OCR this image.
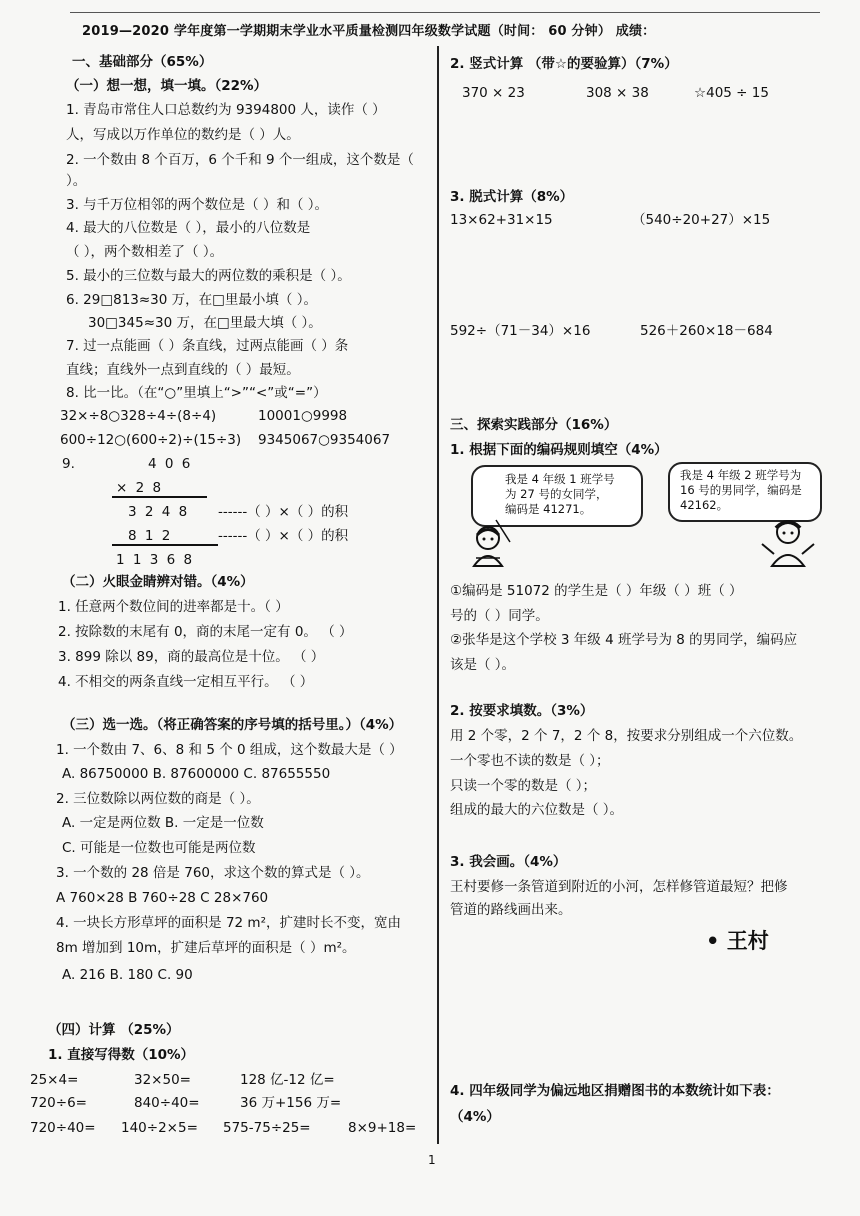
2019—2020 学年度第一学期期末学业水平质量检测四年级数学试题（时间： 60 分钟） 成绩：
一、基础部分（65%）
（一）想一想，填一填。（22%）
1. 青岛市常住人口总数约为 9394800 人，读作（ ）
人，写成以万作单位的数约是（ ）人。
2. 一个数由 8 个百万，6 个千和 9 个一组成，这个数是（
）。
3. 与千万位相邻的两个数位是（ ）和（ ）。
4. 最大的八位数是（ ），最小的八位数是
（ ），两个数相差了（ ）。
5. 最小的三位数与最大的两位数的乘积是（ ）。
6. 29□813≈30 万，在□里最小填（ ）。
30□345≈30 万，在□里最大填（ ）。
7. 过一点能画（ ）条直线，过两点能画（ ）条
直线；直线外一点到直线的（ ）最短。
8. 比一比。（在“○”里填上“>”“<”或“=”）
32×÷8○328÷4÷(8÷4)	10001○9998
600÷12○(600÷2)÷(15÷3) 9345067○9354067
9.	4 0 6
× 2 8
3 2 4 8 ------（ ）×（ ）的积
8 1 2	------（ ）×（ ）的积
1 1 3 6 8
（二）火眼金睛辨对错。（4%）
1. 任意两个数位间的进率都是十。（ ）
2. 按除数的末尾有 0，商的末尾一定有 0。 （ ）
3. 899 除以 89，商的最高位是十位。 （ ）
4. 不相交的两条直线一定相互平行。 （ ）
（三）选一选。（将正确答案的序号填的括号里。）（4%）
1. 一个数由 7、6、8 和 5 个 0 组成，这个数最大是（ ）
A. 86750000 B. 87600000 C. 87655550
2. 三位数除以两位数的商是（ ）。
A. 一定是两位数 B. 一定是一位数
C. 可能是一位数也可能是两位数
3. 一个数的 28 倍是 760，求这个数的算式是（ ）。
A 760×28 B 760÷28 C 28×760
4. 一块长方形草坪的面积是 72 m²，扩建时长不变，宽由
8m 增加到 10m，扩建后草坪的面积是（ ）m²。
A. 216 B. 180 C. 90
（四）计算 （25%）
1. 直接写得数（10%）
25×4=	32×50=	128 亿-12 亿=
720÷6=	840÷40=	36 万+156 万=
720÷40= 140÷2×5= 575-75÷25=	8×9+18=
2. 竖式计算 （带☆的要验算）（7%）
370 × 23	308 × 38	☆405 ÷ 15
3. 脱式计算（8%）
13×62+31×15	（540÷20+27）×15
592÷（71－34）×16	526＋260×18－684
三、探索实践部分（16%）
1. 根据下面的编码规则填空（4%）
我是 4 年级 1 班学号为 27 号的女同学，编码是 41271。
我是 4 年级 2 班学号为 16 号的男同学，编码是 42162。
①编码是 51072 的学生是（ ）年级（ ）班（ ）
号的（ ）同学。
②张华是这个学校 3 年级 4 班学号为 8 的男同学，编码应
该是（ ）。
2. 按要求填数。（3%）
用 2 个零，2 个 7，2 个 8，按要求分别组成一个六位数。
一个零也不读的数是（ ）；
只读一个零的数是（ ）；
组成的最大的六位数是（ ）。
3. 我会画。（4%）
王村要修一条管道到附近的小河，怎样修管道最短？把修
管道的路线画出来。
• 王村
4. 四年级同学为偏远地区捐赠图书的本数统计如下表：
（4%）
1
